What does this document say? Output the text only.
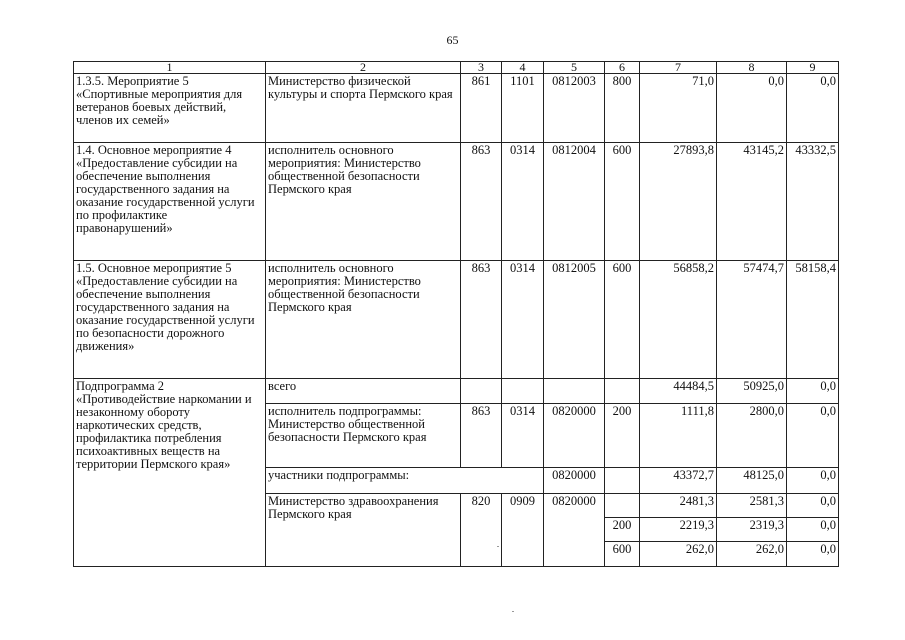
65
1	2	3	4	5	6	7	8	9
1.3.5. Мероприятие 5 «Спортивные мероприятия для ветеранов боевых действий, членов их семей»	Министерство физической культуры и спорта Пермского края	861	1101	0812003	800	71,0	0,0	0,0
1.4. Основное мероприятие 4 «Предоставление субсидии на обеспечение выполнения государственного задания на оказание государственной услуги по профилактике правонарушений»	исполнитель основного мероприятия: Министерство общественной безопасности Пермского края	863	0314	0812004	600	27893,8	43145,2	43332,5
1.5. Основное мероприятие 5 «Предоставление субсидии на обеспечение выполнения государственного задания на оказание государственной услуги по безопасности дорожного движения»	исполнитель основного мероприятия: Министерство общественной безопасности Пермского края	863	0314	0812005	600	56858,2	57474,7	58158,4
Подпрограмма 2 «Противодействие наркомании и незаконному обороту наркотических средств, профилактика потребления психоактивных веществ на территории Пермского края»	всего					44484,5	50925,0	0,0
	исполнитель подпрограммы: Министерство общественной безопасности Пермского края	863	0314	0820000	200	1111,8	2800,0	0,0
	участники подпрограммы:			0820000		43372,7	48125,0	0,0
	Министерство здравоохранения Пермского края	820	0909	0820000		2481,3	2581,3	0,0
					200	2219,3	2319,3	0,0
					600	262,0	262,0	0,0
